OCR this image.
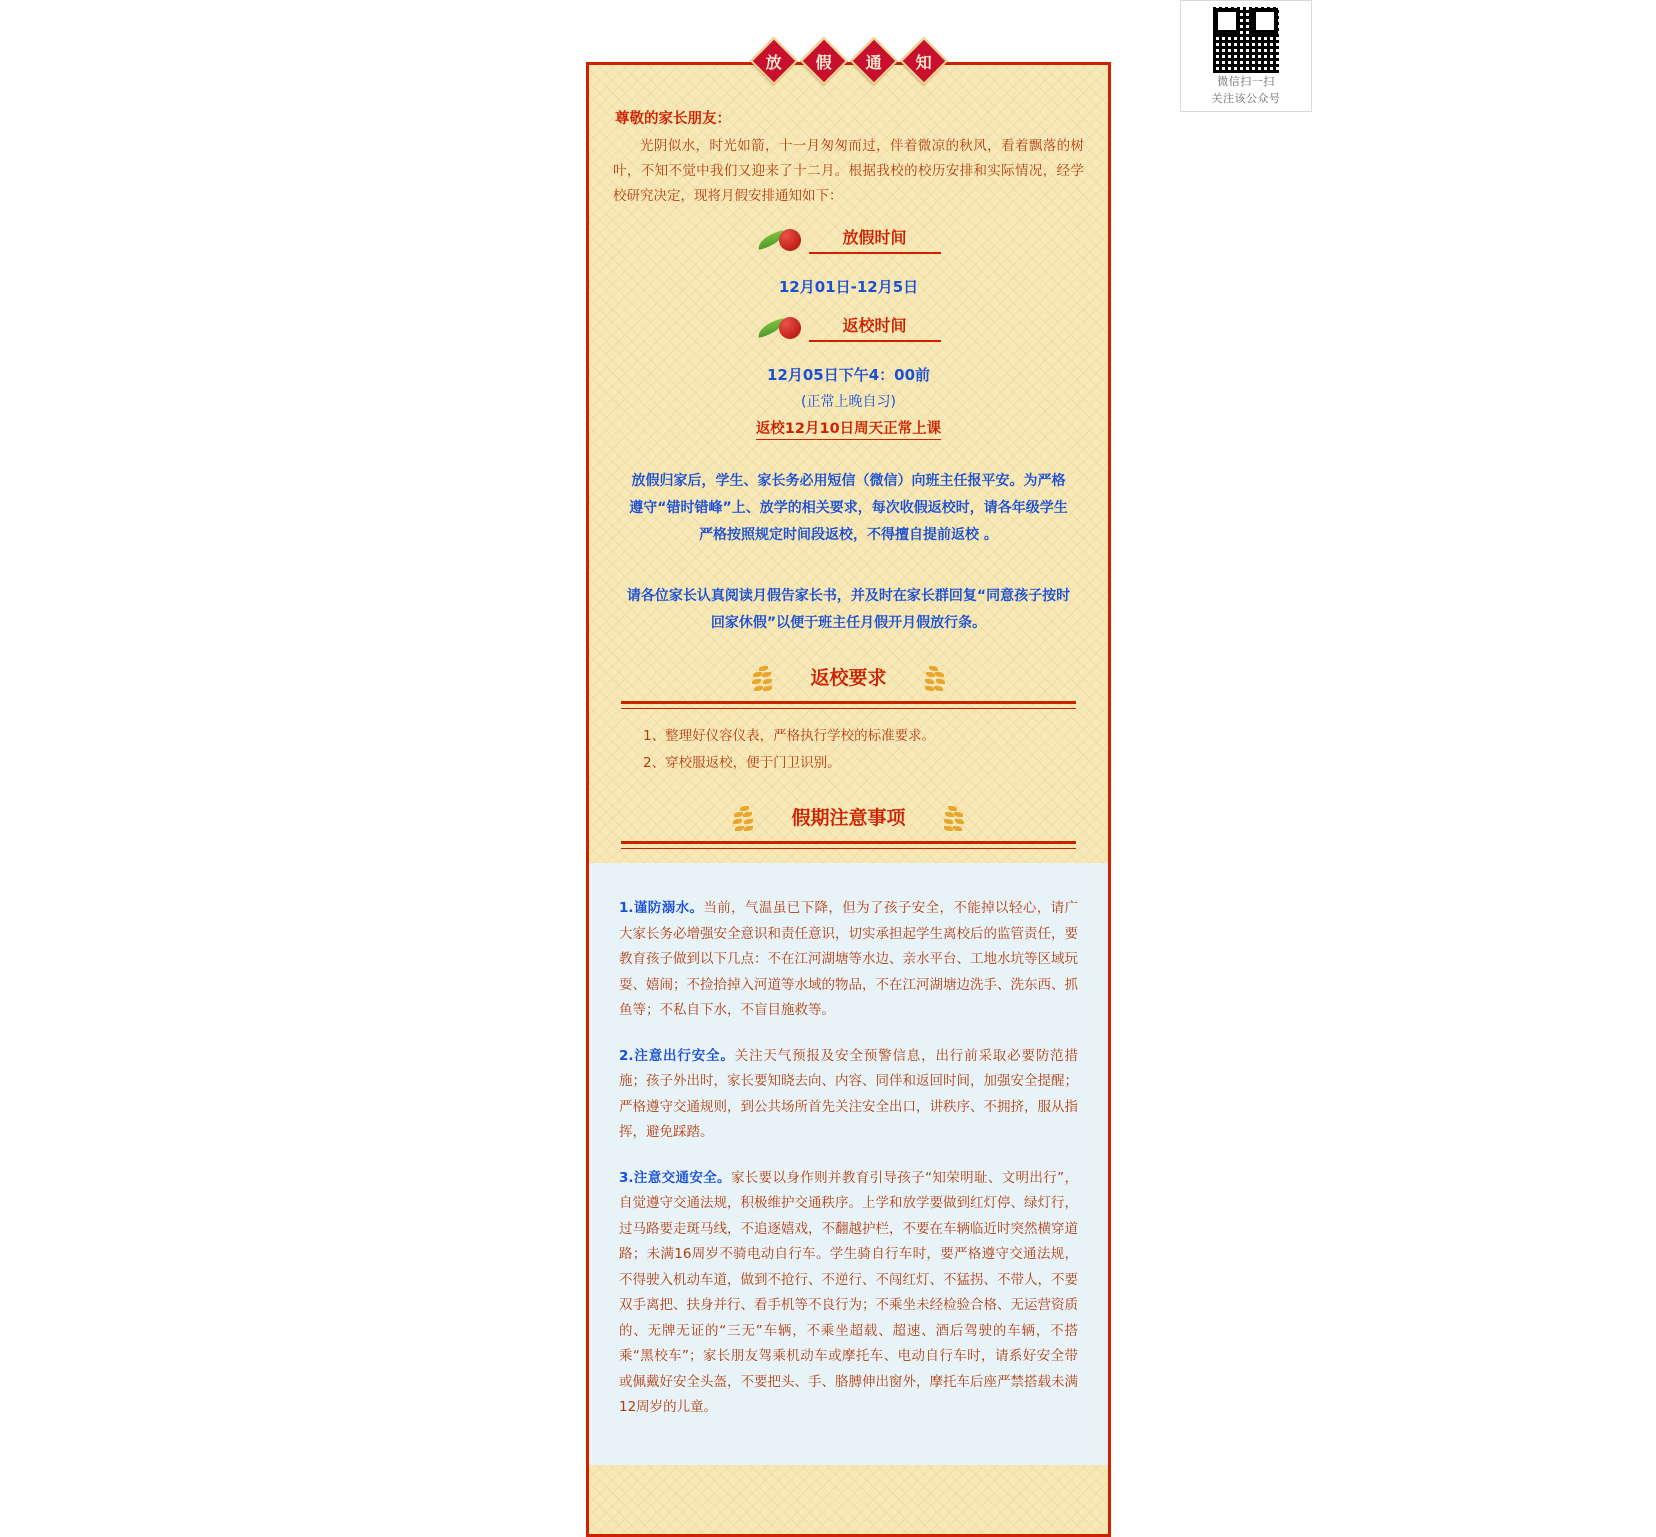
微信扫一扫
关注该公众号
放 假 通 知
尊敬的家长朋友：
光阴似水，时光如箭，十一月匆匆而过，伴着微凉的秋风，看着飘落的树叶，不知不觉中我们又迎来了十二月。根据我校的校历安排和实际情况，经学校研究决定，现将月假安排通知如下：
放假时间
12月01日-12月5日
返校时间
12月05日下午4：00前
(正常上晚自习)
返校12月10日周天正常上课
放假归家后，学生、家长务必用短信（微信）向班主任报平安。为严格遵守“错时错峰”上、放学的相关要求，每次收假返校时，请各年级学生严格按照规定时间段返校，不得擅自提前返校 。
请各位家长认真阅读月假告家长书，并及时在家长群回复“同意孩子按时回家休假”以便于班主任月假开月假放行条。
返校要求
1、整理好仪容仪表，严格执行学校的标准要求。
2、穿校服返校，便于门卫识别。
假期注意事项

1.谨防溺水。当前，气温虽已下降，但为了孩子安全，不能掉以轻心，请广大家长务必增强安全意识和责任意识，切实承担起学生离校后的监管责任，要教育孩子做到以下几点：不在江河湖塘等水边、亲水平台、工地水坑等区域玩耍、嬉闹；不捡拾掉入河道等水域的物品，不在江河湖塘边洗手、洗东西、抓鱼等；不私自下水，不盲目施救等。

2.注意出行安全。关注天气预报及安全预警信息，出行前采取必要防范措施；孩子外出时，家长要知晓去向、内容、同伴和返回时间，加强安全提醒；严格遵守交通规则，到公共场所首先关注安全出口，讲秩序、不拥挤，服从指挥，避免踩踏。

3.注意交通安全。家长要以身作则并教育引导孩子“知荣明耻、文明出行”，自觉遵守交通法规，积极维护交通秩序。上学和放学要做到红灯停、绿灯行，过马路要走斑马线，不追逐嬉戏，不翻越护栏，不要在车辆临近时突然横穿道路；未满16周岁不骑电动自行车。学生骑自行车时，要严格遵守交通法规，不得驶入机动车道，做到不抢行、不逆行、不闯红灯、不猛拐、不带人，不要双手离把、扶身并行、看手机等不良行为；不乘坐未经检验合格、无运营资质的、无牌无证的“三无”车辆，不乘坐超载、超速、酒后驾驶的车辆，不搭乘“黑校车”；家长朋友驾乘机动车或摩托车、电动自行车时，请系好安全带或佩戴好安全头盔，不要把头、手、胳膊伸出窗外，摩托车后座严禁搭载未满12周岁的儿童。
